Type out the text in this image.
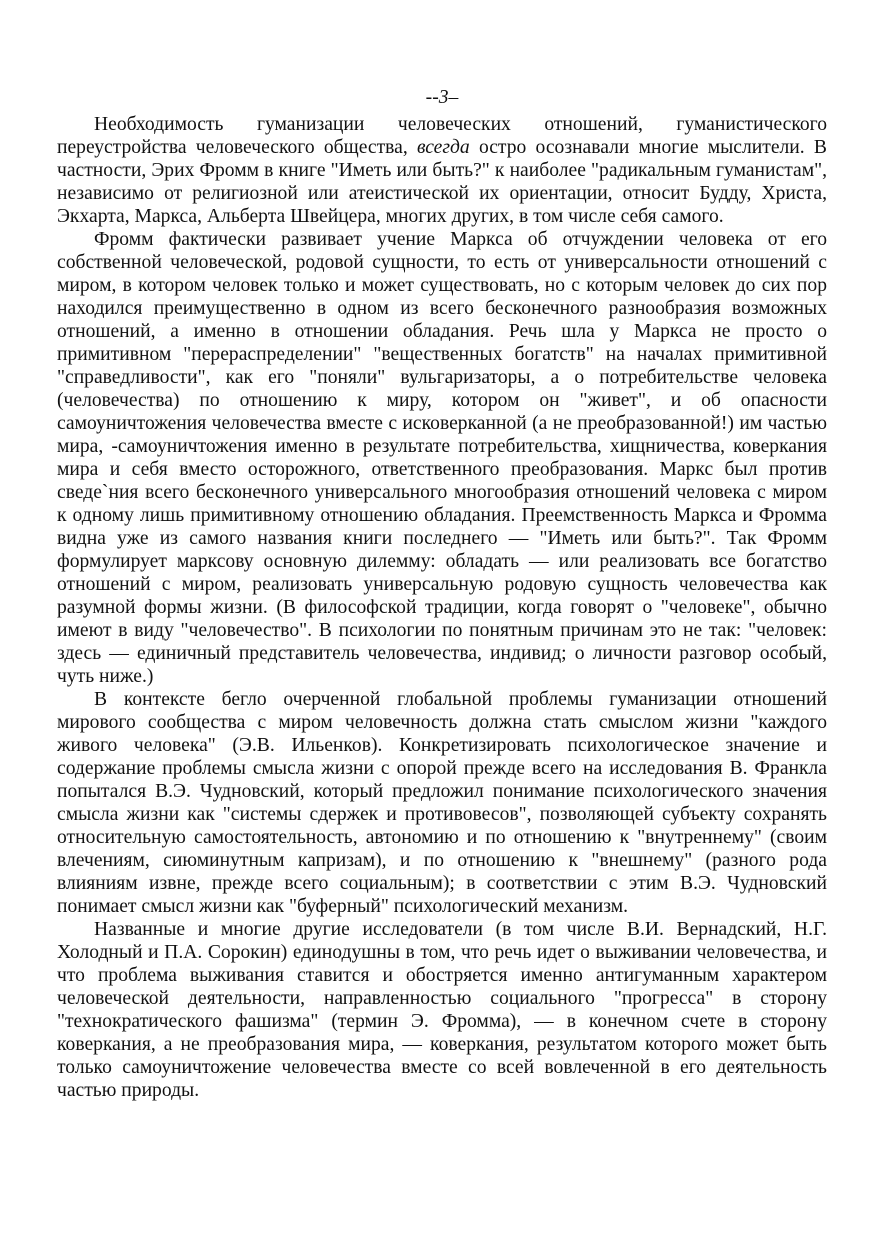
--3–

Необходимость гуманизации человеческих отношений, гуманистического переустройства человеческого общества, всегда остро осознавали многие мыслители. В частности, Эрих Фромм в книге "Иметь или быть?" к наиболее "радикальным гуманистам", независимо от религиозной или атеистической их ориентации, относит Будду, Христа, Экхарта, Маркса, Альберта Швейцера, многих других, в том числе себя самого.

Фромм фактически развивает учение Маркса об отчуждении человека от его собственной человеческой, родовой сущности, то есть от универсальности отношений с миром, в котором человек только и может существовать, но с которым человек до сих пор находился преимущественно в одном из всего бесконечного разнообразия возможных отношений, а именно в отношении обладания. Речь шла у Маркса не просто о примитивном "перераспределении" "вещественных богатств" на началах примитивной "справедливости", как его "поняли" вульгаризаторы, а о потребительстве человека (человечества) по отношению к миру, котором он "живет", и об опасности самоуничтожения человечества вместе с исковерканной (а не преобразованной!) им частью мира, -самоуничтожения именно в результате потребительства, хищничества, коверкания мира и себя вместо осторожного, ответственного преобразования. Маркс был против сведе`ния всего бесконечного универсального многообразия отношений человека с миром к одному лишь примитивному отношению обладания. Преемственность Маркса и Фромма видна уже из самого названия книги последнего — "Иметь или быть?". Так Фромм формулирует марксову основную дилемму: обладать — или реализовать все богатство отношений с миром, реализовать универсальную родовую сущность человечества как разумной формы жизни. (В философской традиции, когда говорят о "человеке", обычно имеют в виду "человечество". В психологии по понятным причинам это не так: "человек: здесь — единичный представитель человечества, индивид; о личности разговор особый, чуть ниже.)

В контексте бегло очерченной глобальной проблемы гуманизации отношений мирового сообщества с миром человечность должна стать смыслом жизни "каждого живого человека" (Э.В. Ильенков). Конкретизировать психологическое значение и содержание проблемы смысла жизни с опорой прежде всего на исследования В. Франкла попытался В.Э. Чудновский, который предложил понимание психологического значения смысла жизни как "системы сдержек и противовесов", позволяющей субъекту сохранять относительную самостоятельность, автономию и по отношению к "внутреннему" (своим влечениям, сиюминутным капризам), и по отношению к "внешнему" (разного рода влияниям извне, прежде всего социальным); в соответствии с этим В.Э. Чудновский понимает смысл жизни как "буферный" психологический механизм.

Названные и многие другие исследователи (в том числе В.И. Вернадский, Н.Г. Холодный и П.А. Сорокин) единодушны в том, что речь идет о выживании человечества, и что проблема выживания ставится и обостряется именно антигуманным характером человеческой деятельности, направленностью социального "прогресса" в сторону "технократического фашизма" (термин Э. Фромма), — в конечном счете в сторону коверкания, а не преобразования мира, — коверкания, результатом которого может быть только самоуничтожение человечества вместе со всей вовлеченной в его деятельность частью природы.
